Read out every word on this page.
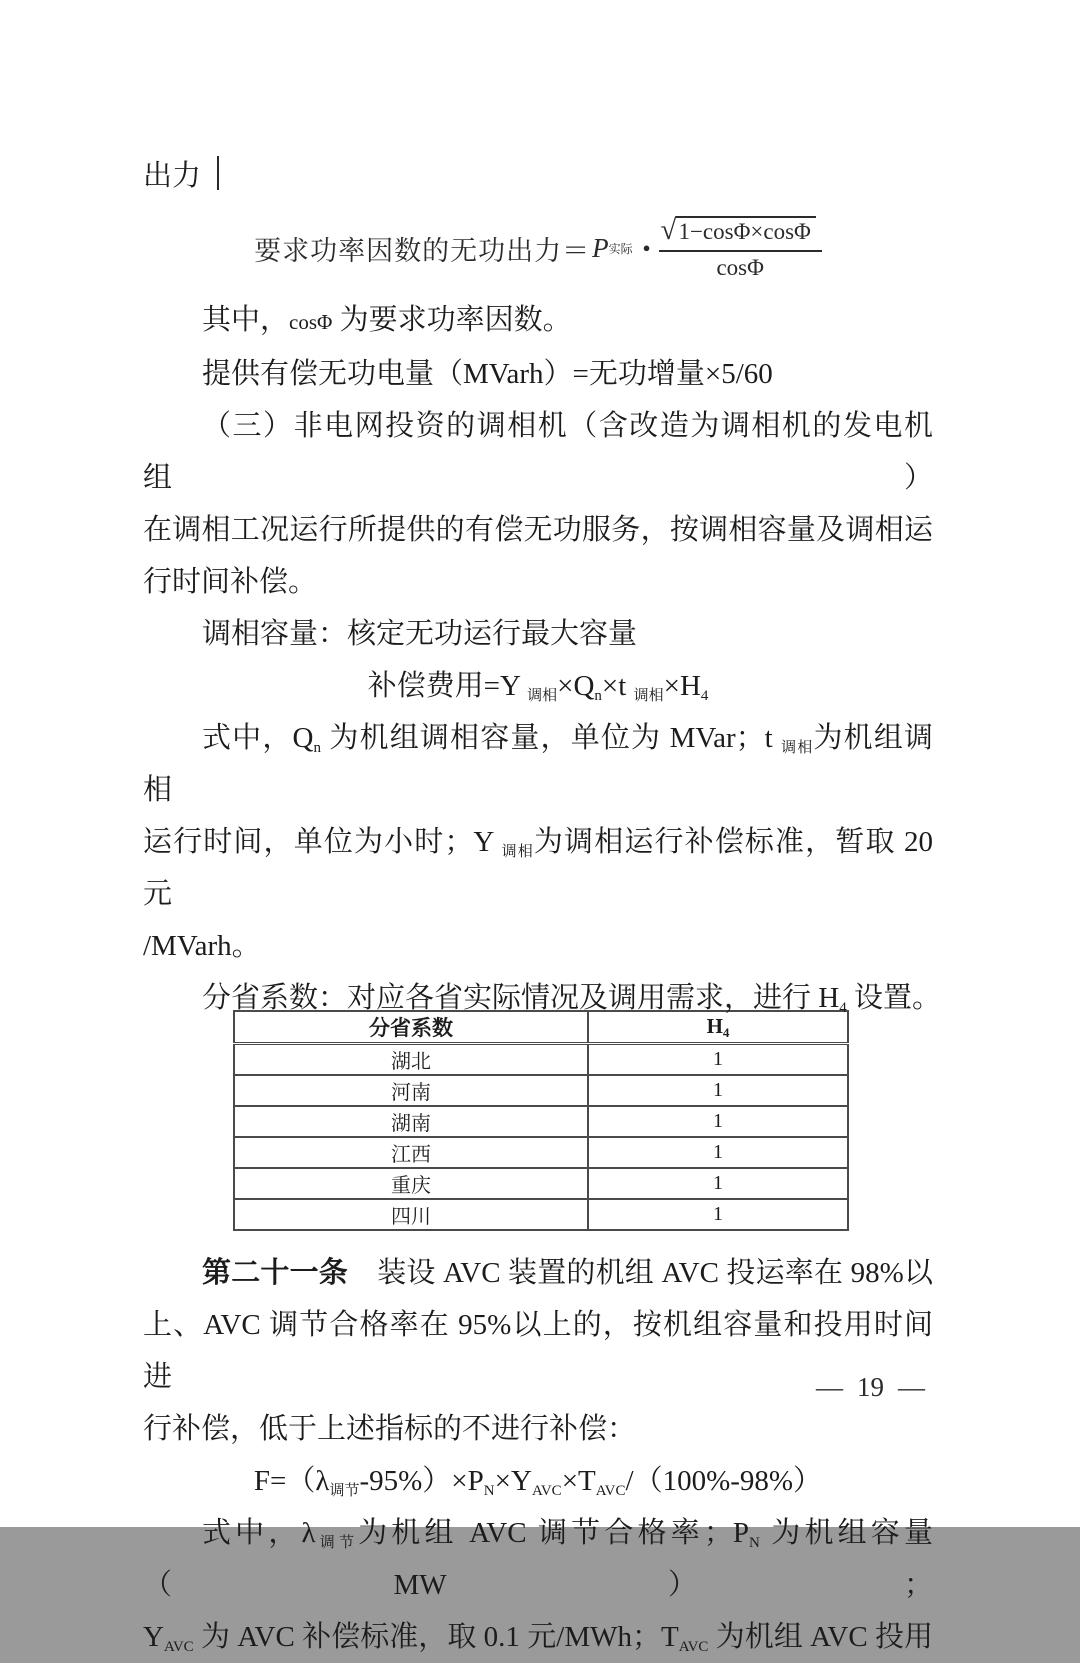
出力
要求功率因数的无功出力＝ P 实际 ● $\frac{√1-\cos\Phi\times\cos\Phi}{\cos\Phi}$
其中，cosΦ 为要求功率因数。
提供有偿无功电量（MVarh）=无功增量×5/60
（三）非电网投资的调相机（含改造为调相机的发电机组）
在调相工况运行所提供的有偿无功服务，按调相容量及调相运
行时间补偿。
调相容量：核定无功运行最大容量
补偿费用=Y $_{调相}\times Q_n\times t$ $_{调相}\times H_4$
式中，$Q_n$ 为机组调相容量，单位为 MVar；t $_{调相}$为机组调相
运行时间，单位为小时；Y $_{调相}$为调相运行补偿标准，暂取 20 元
/MVarh。
分省系数：对应各省实际情况及调用需求，进行 $H_4$ 设置。
分省系数	$H_4$
湖北	1
河南	1
湖南	1
江西	1
重庆	1
四川	1
第二十一条　装设 AVC 装置的机组 AVC 投运率在 98%以
上、AVC 调节合格率在 95%以上的，按机组容量和投用时间进
行补偿，低于上述指标的不进行补偿：
$F=(\lambda_{调节}-95\%)\times P_N\times Y_{AVC}\times T_{AVC}/(100\%-98\%)$
式中，$\lambda_{调节}$为机组 AVC 调节合格率；$P_N$ 为机组容量（MW）；
$Y_{AVC}$ 为 AVC 补偿标准，取 0.1 元/MWh；$T_{AVC}$ 为机组 AVC 投用
— 19 —
